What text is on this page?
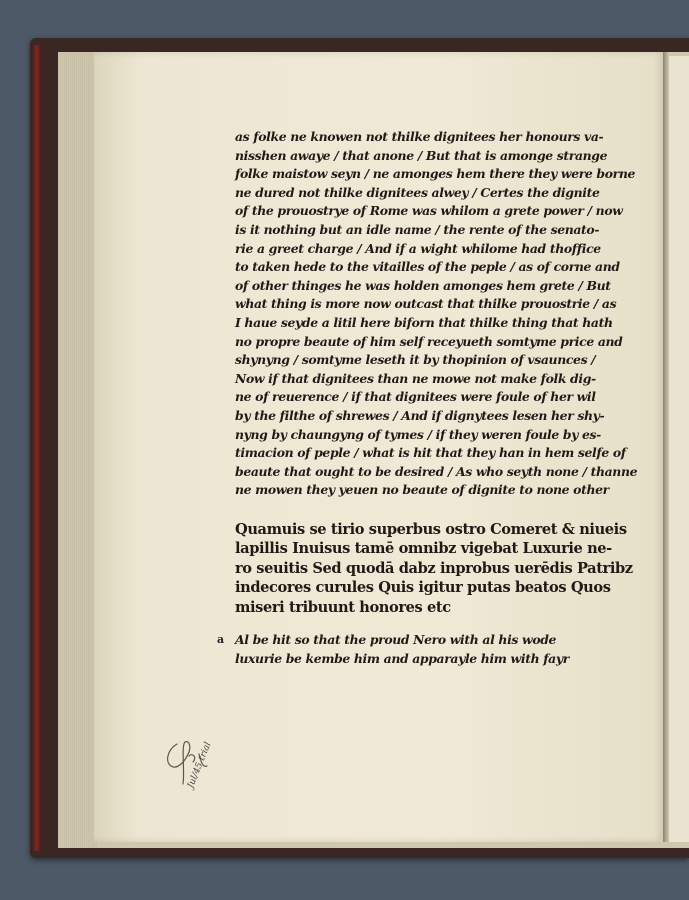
as folke ne knowen not thilke dignitees her honours va-
nisshen awaye / that anone / But that is amonge strange
folke maistow seyn / ne amonges hem there they were borne
ne dured not thilke dignitees alwey / Certes the dignite
of the prouostrye of Rome was whilom a grete power / now
is it nothing but an idle name / the rente of the senato-
rie a greet charge / And if a wight whilome had thoffice
to taken hede to the vitailles of the peple / as of corne and
of other thinges he was holden amonges hem grete / But
what thing is more now outcast that thilke prouostrie / as
I haue seyde a litil here biforn that thilke thing that hath
no propre beaute of him self receyueth somtyme price and
shynyng / somtyme leseth it by thopinion of vsaunces /
Now if that dignitees than ne mowe not make folk dig-
ne of reuerence / if that dignitees were foule of her wil
by the filthe of shrewes / And if dignytees lesen her shy-
nyng by chaungyng of tymes / if they weren foule by es-
timacion of peple / what is hit that they han in hem selfe of
beaute that ought to be desired / As who seyth none / thanne
ne mowen they yeuen no beaute of dignite to none other
Quamuis se tirio superbus ostro Comeret & niueis
lapillis Inuisus tamē omnibz vigebat Luxurie ne-
ro seuitis Sed quodā dabz inprobus uerēdis Patribz
indecores curules Quis igitur putas beatos Quos
miseri tribuunt honores etc
a Al be hit so that the proud Nero with al his wode
luxurie be kembe him and apparayle him with fayr
Jul/45 trial
